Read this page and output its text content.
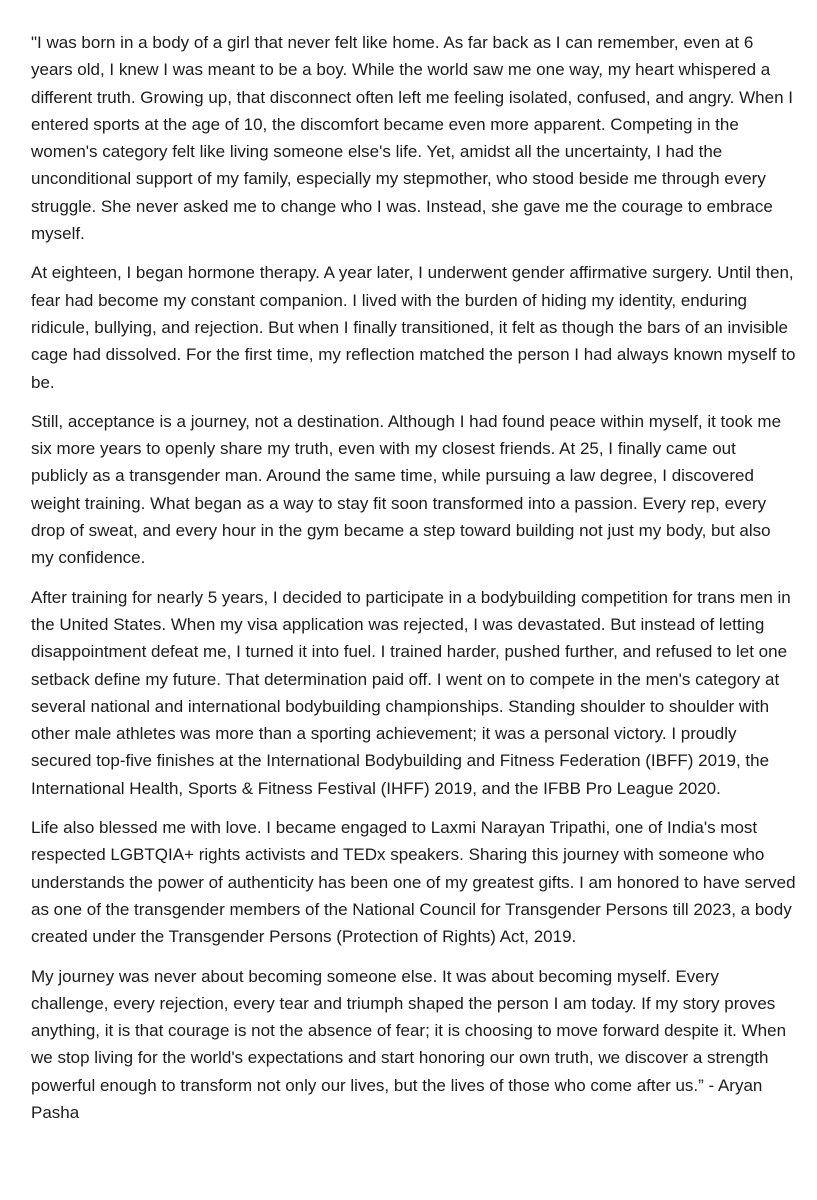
"I was born in a body of a girl that never felt like home. As far back as I can remember, even at 6 years old, I knew I was meant to be a boy. While the world saw me one way, my heart whispered a different truth. Growing up, that disconnect often left me feeling isolated, confused, and angry. When I entered sports at the age of 10, the discomfort became even more apparent. Competing in the women's category felt like living someone else's life. Yet, amidst all the uncertainty, I had the unconditional support of my family, especially my stepmother, who stood beside me through every struggle. She never asked me to change who I was. Instead, she gave me the courage to embrace myself.

At eighteen, I began hormone therapy. A year later, I underwent gender affirmative surgery. Until then, fear had become my constant companion. I lived with the burden of hiding my identity, enduring ridicule, bullying, and rejection. But when I finally transitioned, it felt as though the bars of an invisible cage had dissolved. For the first time, my reflection matched the person I had always known myself to be.

Still, acceptance is a journey, not a destination. Although I had found peace within myself, it took me six more years to openly share my truth, even with my closest friends. At 25, I finally came out publicly as a transgender man. Around the same time, while pursuing a law degree, I discovered weight training. What began as a way to stay fit soon transformed into a passion. Every rep, every drop of sweat, and every hour in the gym became a step toward building not just my body, but also my confidence.

After training for nearly 5 years, I decided to participate in a bodybuilding competition for trans men in the United States. When my visa application was rejected, I was devastated. But instead of letting disappointment defeat me, I turned it into fuel. I trained harder, pushed further, and refused to let one setback define my future. That determination paid off. I went on to compete in the men's category at several national and international bodybuilding championships. Standing shoulder to shoulder with other male athletes was more than a sporting achievement; it was a personal victory. I proudly secured top-five finishes at the International Bodybuilding and Fitness Federation (IBFF) 2019, the International Health, Sports & Fitness Festival (IHFF) 2019, and the IFBB Pro League 2020.

Life also blessed me with love. I became engaged to Laxmi Narayan Tripathi, one of India's most respected LGBTQIA+ rights activists and TEDx speakers. Sharing this journey with someone who understands the power of authenticity has been one of my greatest gifts. I am honored to have served as one of the transgender members of the National Council for Transgender Persons till 2023, a body created under the Transgender Persons (Protection of Rights) Act, 2019.

My journey was never about becoming someone else. It was about becoming myself. Every challenge, every rejection, every tear and triumph shaped the person I am today. If my story proves anything, it is that courage is not the absence of fear; it is choosing to move forward despite it. When we stop living for the world's expectations and start honoring our own truth, we discover a strength powerful enough to transform not only our lives, but the lives of those who come after us.” - Aryan Pasha
